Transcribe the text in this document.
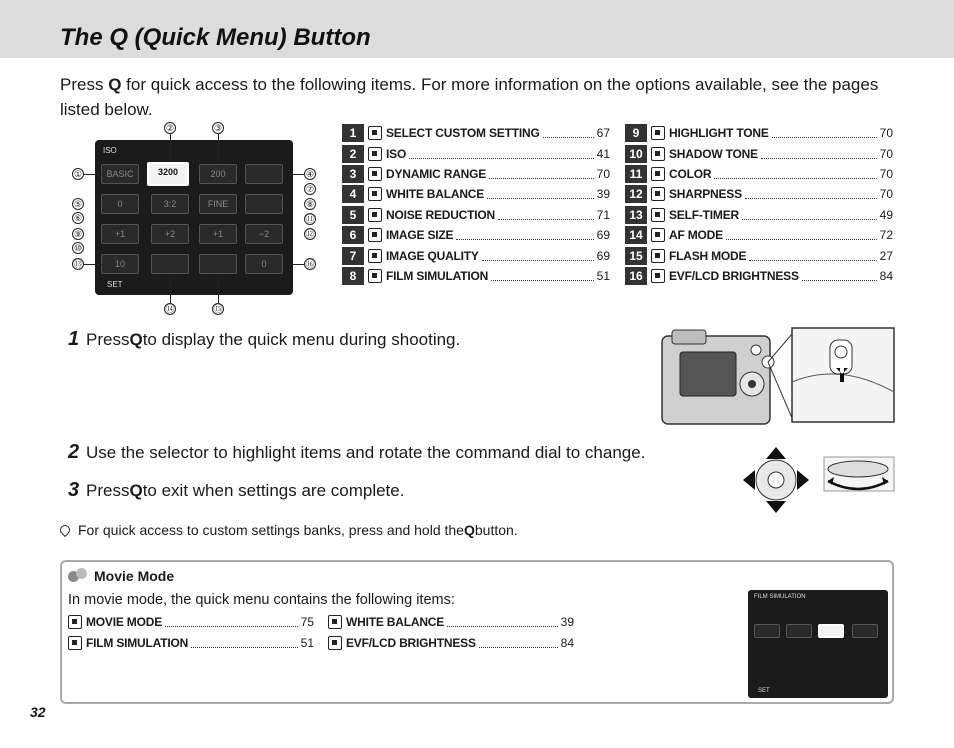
The Q (Quick Menu) Button

Press Q for quick access to the following items. For more information on the options available, see the pages listed below.

ISO
BASIC	3200	200
0	3:2	FINE
+1	+2	+1	−2
10	0
SET
①
②	③
④
⑤
⑥
⑦
⑧
⑨
⑩
⑪
⑫
⑬
⑭	⑮
⑯
1	SELECT CUSTOM SETTING	67
2	ISO	41
3	DYNAMIC RANGE	70
4	WHITE BALANCE	39
5	NOISE REDUCTION	71
6	IMAGE SIZE	69
7	IMAGE QUALITY	69
8	FILM SIMULATION	51
9	HIGHLIGHT TONE	70
10	SHADOW TONE	70
11	COLOR	70
12	SHARPNESS	70
13	SELF-TIMER	49
14	AF MODE	72
15	FLASH MODE	27
16	EVF/LCD BRIGHTNESS	84
1 Press Q to display the quick menu during shooting.
2 Use the selector to highlight items and rotate the command dial to change.
3 Press Q to exit when settings are complete.
For quick access to custom settings banks, press and hold the Q button.
Movie Mode
In movie mode, the quick menu contains the following items:
MOVIE MODE	75	WHITE BALANCE	39
FILM SIMULATION	51	EVF/LCD BRIGHTNESS	84
FILM SIMULATION
SET
32
